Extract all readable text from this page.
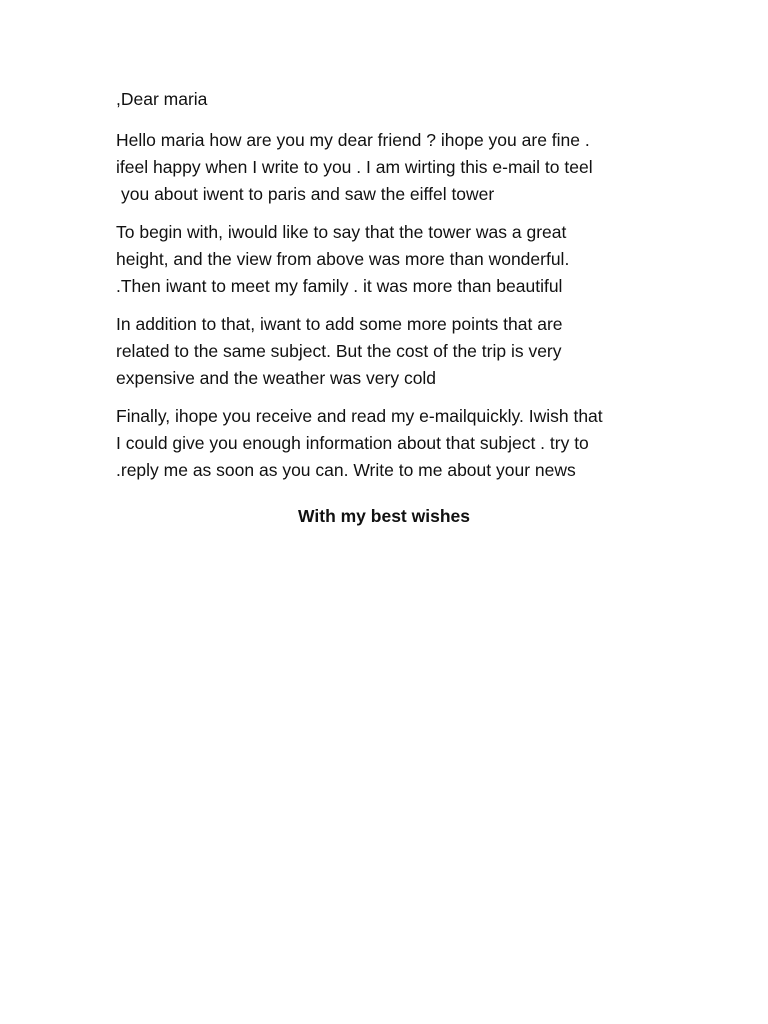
,Dear maria

Hello maria how are you my dear friend ? ihope you are fine .
ifeel happy when I write to you . I am wirting this e-mail to teel
you about iwent to paris and saw the eiffel tower

To begin with, iwould like to say that the tower was a great
height, and the view from above was more than wonderful.
.Then iwant to meet my family . it was more than beautiful

In addition to that, iwant to add some more points that are
related to the same subject. But the cost of the trip is very
expensive and the weather was very cold

Finally, ihope you receive and read my e-mailquickly. Iwish that
I could give you enough information about that subject . try to
.reply me as soon as you can. Write to me about your news

With my best wishes
